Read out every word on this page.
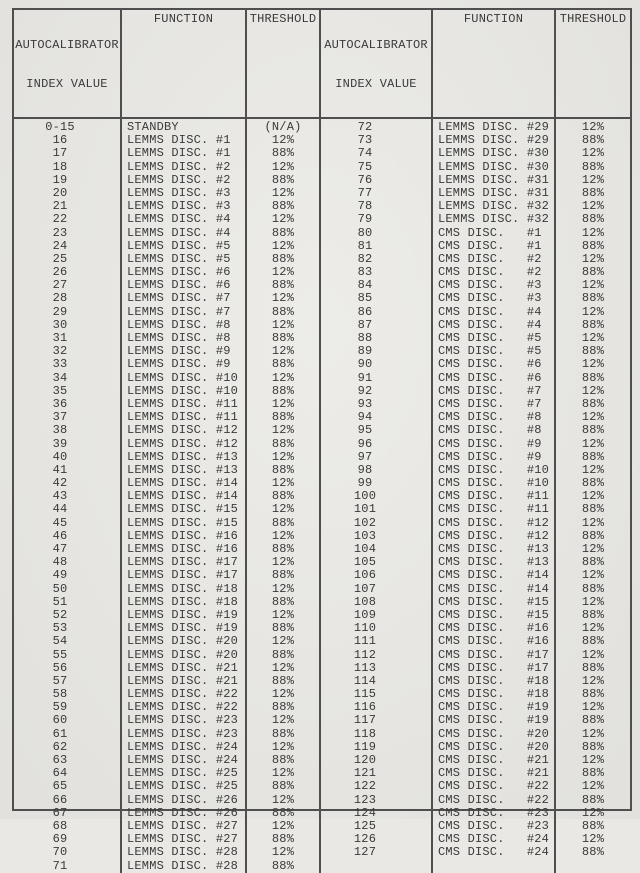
AUTOCALIBRATOR

INDEX VALUE

FUNCTION	THRESHOLD

AUTOCALIBRATOR

INDEX VALUE

FUNCTION	THRESHOLD
0-15
16
17
18
19
20
21
22
23
24
25
26
27
28
29
30
31
32
33
34
35
36
37
38
39
40
41
42
43
44
45
46
47
48
49
50
51
52
53
54
55
56
57
58
59
60
61
62
63
64
65
66
67
68
69
70
71
STANDBY
LEMMS DISC. #1
LEMMS DISC. #1
LEMMS DISC. #2
LEMMS DISC. #2
LEMMS DISC. #3
LEMMS DISC. #3
LEMMS DISC. #4
LEMMS DISC. #4
LEMMS DISC. #5
LEMMS DISC. #5
LEMMS DISC. #6
LEMMS DISC. #6
LEMMS DISC. #7
LEMMS DISC. #7
LEMMS DISC. #8
LEMMS DISC. #8
LEMMS DISC. #9
LEMMS DISC. #9
LEMMS DISC. #10
LEMMS DISC. #10
LEMMS DISC. #11
LEMMS DISC. #11
LEMMS DISC. #12
LEMMS DISC. #12
LEMMS DISC. #13
LEMMS DISC. #13
LEMMS DISC. #14
LEMMS DISC. #14
LEMMS DISC. #15
LEMMS DISC. #15
LEMMS DISC. #16
LEMMS DISC. #16
LEMMS DISC. #17
LEMMS DISC. #17
LEMMS DISC. #18
LEMMS DISC. #18
LEMMS DISC. #19
LEMMS DISC. #19
LEMMS DISC. #20
LEMMS DISC. #20
LEMMS DISC. #21
LEMMS DISC. #21
LEMMS DISC. #22
LEMMS DISC. #22
LEMMS DISC. #23
LEMMS DISC. #23
LEMMS DISC. #24
LEMMS DISC. #24
LEMMS DISC. #25
LEMMS DISC. #25
LEMMS DISC. #26
LEMMS DISC. #26
LEMMS DISC. #27
LEMMS DISC. #27
LEMMS DISC. #28
LEMMS DISC. #28
(N/A)
12%
88%
12%
88%
12%
88%
12%
88%
12%
88%
12%
88%
12%
88%
12%
88%
12%
88%
12%
88%
12%
88%
12%
88%
12%
88%
12%
88%
12%
88%
12%
88%
12%
88%
12%
88%
12%
88%
12%
88%
12%
88%
12%
88%
12%
88%
12%
88%
12%
88%
12%
88%
12%
88%
12%
88%
72
73
74
75
76
77
78
79
80
81
82
83
84
85
86
87
88
89
90
91
92
93
94
95
96
97
98
99
100
101
102
103
104
105
106
107
108
109
110
111
112
113
114
115
116
117
118
119
120
121
122
123
124
125
126
127
LEMMS DISC. #29
LEMMS DISC. #29
LEMMS DISC. #30
LEMMS DISC. #30
LEMMS DISC. #31
LEMMS DISC. #31
LEMMS DISC. #32
LEMMS DISC. #32
CMS DISC.   #1
CMS DISC.   #1
CMS DISC.   #2
CMS DISC.   #2
CMS DISC.   #3
CMS DISC.   #3
CMS DISC.   #4
CMS DISC.   #4
CMS DISC.   #5
CMS DISC.   #5
CMS DISC.   #6
CMS DISC.   #6
CMS DISC.   #7
CMS DISC.   #7
CMS DISC.   #8
CMS DISC.   #8
CMS DISC.   #9
CMS DISC.   #9
CMS DISC.   #10
CMS DISC.   #10
CMS DISC.   #11
CMS DISC.   #11
CMS DISC.   #12
CMS DISC.   #12
CMS DISC.   #13
CMS DISC.   #13
CMS DISC.   #14
CMS DISC.   #14
CMS DISC.   #15
CMS DISC.   #15
CMS DISC.   #16
CMS DISC.   #16
CMS DISC.   #17
CMS DISC.   #17
CMS DISC.   #18
CMS DISC.   #18
CMS DISC.   #19
CMS DISC.   #19
CMS DISC.   #20
CMS DISC.   #20
CMS DISC.   #21
CMS DISC.   #21
CMS DISC.   #22
CMS DISC.   #22
CMS DISC.   #23
CMS DISC.   #23
CMS DISC.   #24
CMS DISC.   #24
12%
88%
12%
88%
12%
88%
12%
88%
12%
88%
12%
88%
12%
88%
12%
88%
12%
88%
12%
88%
12%
88%
12%
88%
12%
88%
12%
88%
12%
88%
12%
88%
12%
88%
12%
88%
12%
88%
12%
88%
12%
88%
12%
88%
12%
88%
12%
88%
12%
88%
12%
88%
12%
88%
12%
88%
